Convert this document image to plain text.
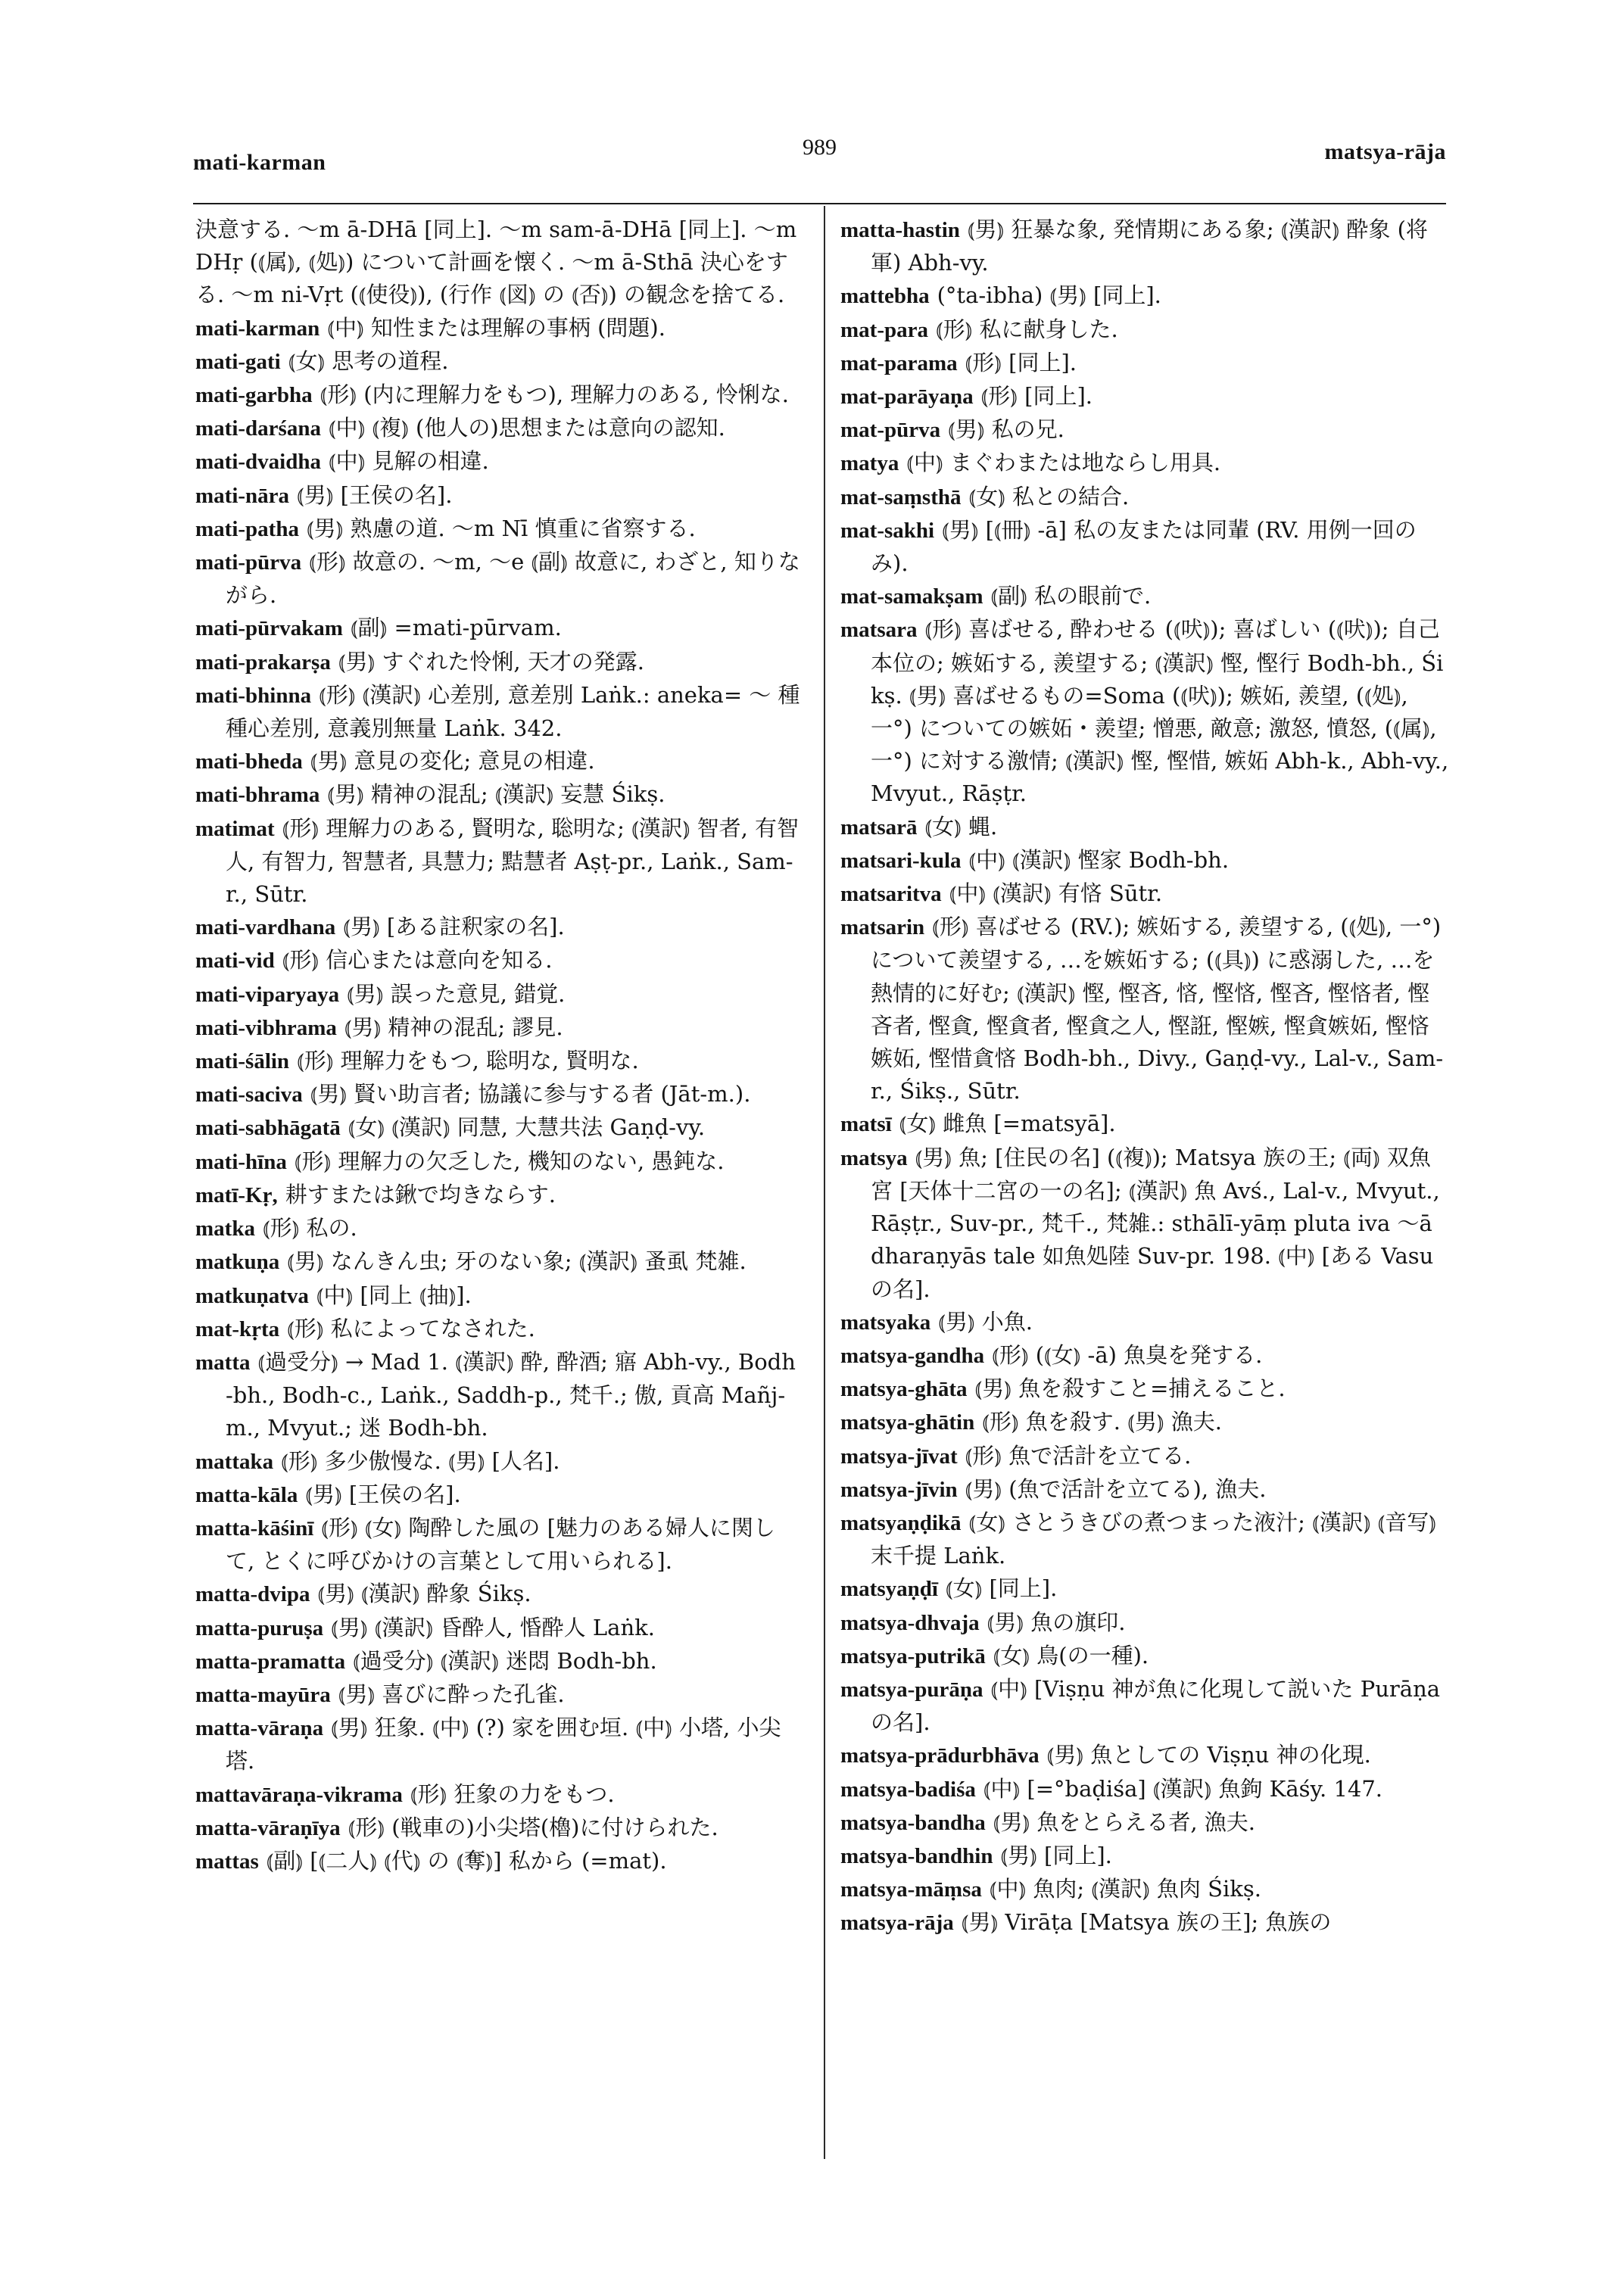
mati-karman
989	matsya-rāja

決意する. ～m ā-DHā [同上]. ～m sam-ā-DHā [同上]. ～m DHṛ (⦅属⦆, ⦅処⦆) について計画を懐く. ～m ā-Sthā 決心をする. ～m ni-Vṛt (⦅使役⦆), (行作 ⦅図⦆ の ⦅否⦆) の観念を捨てる.

mati-karman ⦅中⦆ 知性または理解の事柄 (問題).

mati-gati ⦅女⦆ 思考の道程.

mati-garbha ⦅形⦆ (内に理解力をもつ), 理解力のある, 怜悧な.

mati-darśana ⦅中⦆ ⦅複⦆ (他人の)思想または意向の認知.

mati-dvaidha ⦅中⦆ 見解の相違.

mati-nāra ⦅男⦆ [王侯の名].

mati-patha ⦅男⦆ 熟慮の道. ～m Nī 慎重に省察する.

mati-pūrva ⦅形⦆ 故意の. ～m, ～e ⦅副⦆ 故意に, わざと, 知りながら.

mati-pūrvakam ⦅副⦆ =mati-pūrvam.

mati-prakarṣa ⦅男⦆ すぐれた怜悧, 天才の発露.

mati-bhinna ⦅形⦆ ⦅漢訳⦆ 心差別, 意差別 Laṅk.: aneka= ～ 種種心差別, 意義別無量 Laṅk. 342.

mati-bheda ⦅男⦆ 意見の変化; 意見の相違.

mati-bhrama ⦅男⦆ 精神の混乱; ⦅漢訳⦆ 妄慧 Śikṣ.

matimat ⦅形⦆ 理解力のある, 賢明な, 聡明な; ⦅漢訳⦆ 智者, 有智人, 有智力, 智慧者, 具慧力; 黠慧者 Aṣṭ-pr., Laṅk., Sam-r., Sūtr.

mati-vardhana ⦅男⦆ [ある註釈家の名].

mati-vid ⦅形⦆ 信心または意向を知る.

mati-viparyaya ⦅男⦆ 誤った意見, 錯覚.

mati-vibhrama ⦅男⦆ 精神の混乱; 謬見.

mati-śālin ⦅形⦆ 理解力をもつ, 聡明な, 賢明な.

mati-saciva ⦅男⦆ 賢い助言者; 協議に参与する者 (Jāt-m.).

mati-sabhāgatā ⦅女⦆ ⦅漢訳⦆ 同慧, 大慧共法 Gaṇḍ-vy.

mati-hīna ⦅形⦆ 理解力の欠乏した, 機知のない, 愚鈍な.

matī-Kṛ, 耕すまたは鍬で均きならす.

matka ⦅形⦆ 私の.

matkuṇa ⦅男⦆ なんきん虫; 牙のない象; ⦅漢訳⦆ 蚤虱 梵雑.

matkuṇatva ⦅中⦆ [同上 ⦅抽⦆].

mat-kṛta ⦅形⦆ 私によってなされた.

matta ⦅過受分⦆ → Mad 1. ⦅漢訳⦆ 酔, 酔酒; 寤 Abh-vy., Bodh-bh., Bodh-c., Laṅk., Saddh-p., 梵千.; 傲, 貢高 Mañj-m., Mvyut.; 迷 Bodh-bh.

mattaka ⦅形⦆ 多少傲慢な. ⦅男⦆ [人名].

matta-kāla ⦅男⦆ [王侯の名].

matta-kāśinī ⦅形⦆ ⦅女⦆ 陶酔した風の [魅力のある婦人に関して, とくに呼びかけの言葉として用いられる].

matta-dvipa ⦅男⦆ ⦅漢訳⦆ 酔象 Śikṣ.

matta-puruṣa ⦅男⦆ ⦅漢訳⦆ 昏酔人, 惛酔人 Laṅk.

matta-pramatta ⦅過受分⦆ ⦅漢訳⦆ 迷悶 Bodh-bh.

matta-mayūra ⦅男⦆ 喜びに酔った孔雀.

matta-vāraṇa ⦅男⦆ 狂象. ⦅中⦆ (?) 家を囲む垣. ⦅中⦆ 小塔, 小尖塔.

mattavāraṇa-vikrama ⦅形⦆ 狂象の力をもつ.

matta-vāraṇīya ⦅形⦆ (戦車の)小尖塔(櫓)に付けられた.

mattas ⦅副⦆ [⦅二人⦆ ⦅代⦆ の ⦅奪⦆] 私から (=mat).

matta-hastin ⦅男⦆ 狂暴な象, 発情期にある象; ⦅漢訳⦆ 酔象 (将軍) Abh-vy.

mattebha (°ta-ibha) ⦅男⦆ [同上].

mat-para ⦅形⦆ 私に献身した.

mat-parama ⦅形⦆ [同上].

mat-parāyaṇa ⦅形⦆ [同上].

mat-pūrva ⦅男⦆ 私の兄.

matya ⦅中⦆ まぐわまたは地ならし用具.

mat-saṃsthā ⦅女⦆ 私との結合.

mat-sakhi ⦅男⦆ [⦅冊⦆ -ā] 私の友または同輩 (RV. 用例一回のみ).

mat-samakṣam ⦅副⦆ 私の眼前で.

matsara ⦅形⦆ 喜ばせる, 酔わせる (⦅吠⦆); 喜ばしい (⦅吠⦆); 自己本位の; 嫉妬する, 羨望する; ⦅漢訳⦆ 慳, 慳行 Bodh-bh., Śikṣ. ⦅男⦆ 喜ばせるもの=Soma (⦅吠⦆); 嫉妬, 羨望, (⦅処⦆, 一°) についての嫉妬・羨望; 憎悪, 敵意; 激怒, 憤怒, (⦅属⦆, 一°) に対する激情; ⦅漢訳⦆ 慳, 慳惜, 嫉妬 Abh-k., Abh-vy., Mvyut., Rāṣṭr.

matsarā ⦅女⦆ 蝿.

matsari-kula ⦅中⦆ ⦅漢訳⦆ 慳家 Bodh-bh.

matsaritva ⦅中⦆ ⦅漢訳⦆ 有悋 Sūtr.

matsarin ⦅形⦆ 喜ばせる (RV.); 嫉妬する, 羨望する, (⦅処⦆, 一°) について羨望する, …を嫉妬する; (⦅具⦆) に惑溺した, …を熱情的に好む; ⦅漢訳⦆ 慳, 慳吝, 悋, 慳悋, 慳吝, 慳悋者, 慳吝者, 慳貪, 慳貪者, 慳貪之人, 慳誑, 慳嫉, 慳貪嫉妬, 慳悋嫉妬, 慳惜貪悋 Bodh-bh., Divy., Gaṇḍ-vy., Lal-v., Sam-r., Śikṣ., Sūtr.

matsī ⦅女⦆ 雌魚 [=matsyā].

matsya ⦅男⦆ 魚; [住民の名] (⦅複⦆); Matsya 族の王; ⦅両⦆ 双魚宮 [天体十二宮の一の名]; ⦅漢訳⦆ 魚 Avś., Lal-v., Mvyut., Rāṣṭr., Suv-pr., 梵千., 梵雑.: sthālī-yāṃ pluta iva ～ā dharaṇyās tale 如魚処陸 Suv-pr. 198. ⦅中⦆ [ある Vasu の名].

matsyaka ⦅男⦆ 小魚.

matsya-gandha ⦅形⦆ (⦅女⦆ -ā) 魚臭を発する.

matsya-ghāta ⦅男⦆ 魚を殺すこと=捕えること.

matsya-ghātin ⦅形⦆ 魚を殺す. ⦅男⦆ 漁夫.

matsya-jīvat ⦅形⦆ 魚で活計を立てる.

matsya-jīvin ⦅男⦆ (魚で活計を立てる), 漁夫.

matsyaṇḍikā ⦅女⦆ さとうきびの煮つまった液汁; ⦅漢訳⦆ ⦅音写⦆ 末千提 Laṅk.

matsyaṇḍī ⦅女⦆ [同上].

matsya-dhvaja ⦅男⦆ 魚の旗印.

matsya-putrikā ⦅女⦆ 鳥(の一種).

matsya-purāṇa ⦅中⦆ [Viṣṇu 神が魚に化現して説いた Purāṇa の名].

matsya-prādurbhāva ⦅男⦆ 魚としての Viṣṇu 神の化現.

matsya-badiśa ⦅中⦆ [=°baḍiśa] ⦅漢訳⦆ 魚鉤 Kāśy. 147.

matsya-bandha ⦅男⦆ 魚をとらえる者, 漁夫.

matsya-bandhin ⦅男⦆ [同上].

matsya-māṃsa ⦅中⦆ 魚肉; ⦅漢訳⦆ 魚肉 Śikṣ.

matsya-rāja ⦅男⦆ Virāṭa [Matsya 族の王]; 魚族の
